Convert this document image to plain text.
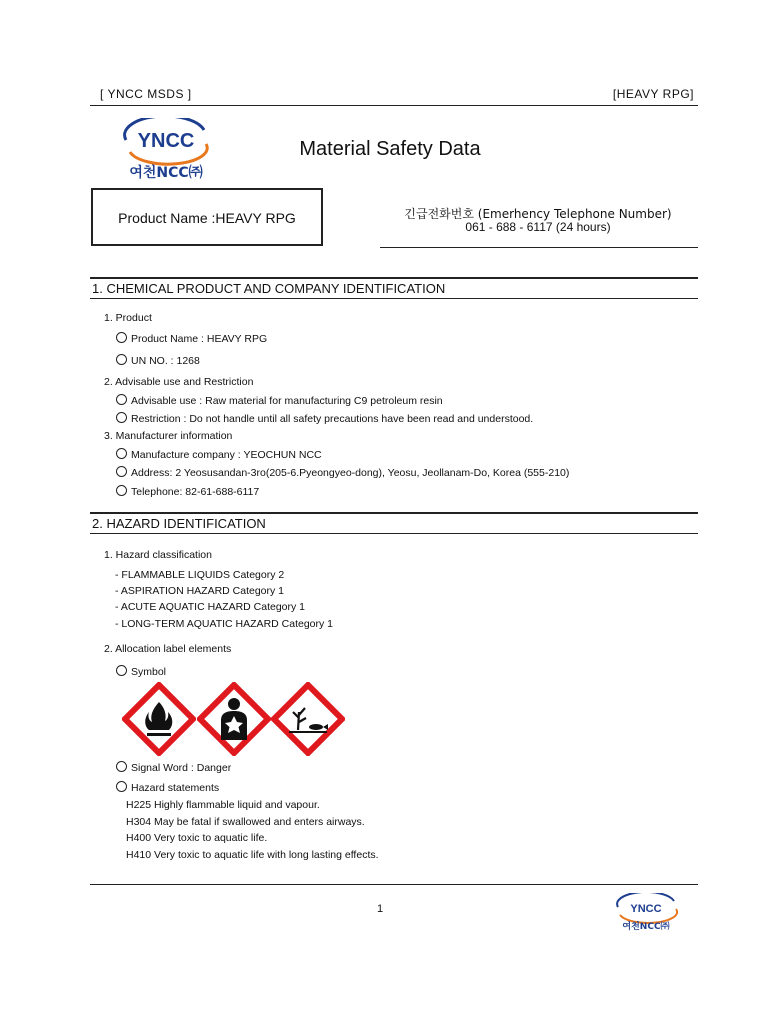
[ YNCC MSDS ]	[HEAVY RPG]
YNCC
여천NCC㈜
Material Safety Data
Product Name :HEAVY RPG	긴급전화번호 (Emerhency Telephone Number)
061 - 688 - 6117 (24 hours)
1. CHEMICAL PRODUCT AND COMPANY IDENTIFICATION
1. Product
Product Name : HEAVY RPG
UN NO. : 1268
2. Advisable use and Restriction
Advisable use : Raw material for manufacturing C9 petroleum resin
Restriction : Do not handle until all safety precautions have been read and understood.
3. Manufacturer information
Manufacture company : YEOCHUN NCC
Address: 2 Yeosusandan-3ro(205-6.Pyeongyeo-dong), Yeosu, Jeollanam-Do, Korea (555-210)
Telephone: 82-61-688-6117
2. HAZARD IDENTIFICATION
1. Hazard classification
- FLAMMABLE LIQUIDS Category 2
- ASPIRATION HAZARD Category 1
- ACUTE AQUATIC HAZARD Category 1
- LONG-TERM AQUATIC HAZARD Category 1
2. Allocation label elements
Symbol
Signal Word : Danger
Hazard statements
H225 Highly flammable liquid and vapour.
H304 May be fatal if swallowed and enters airways.
H400 Very toxic to aquatic life.
H410 Very toxic to aquatic life with long lasting effects.
1	YNCC
여천NCC㈜
